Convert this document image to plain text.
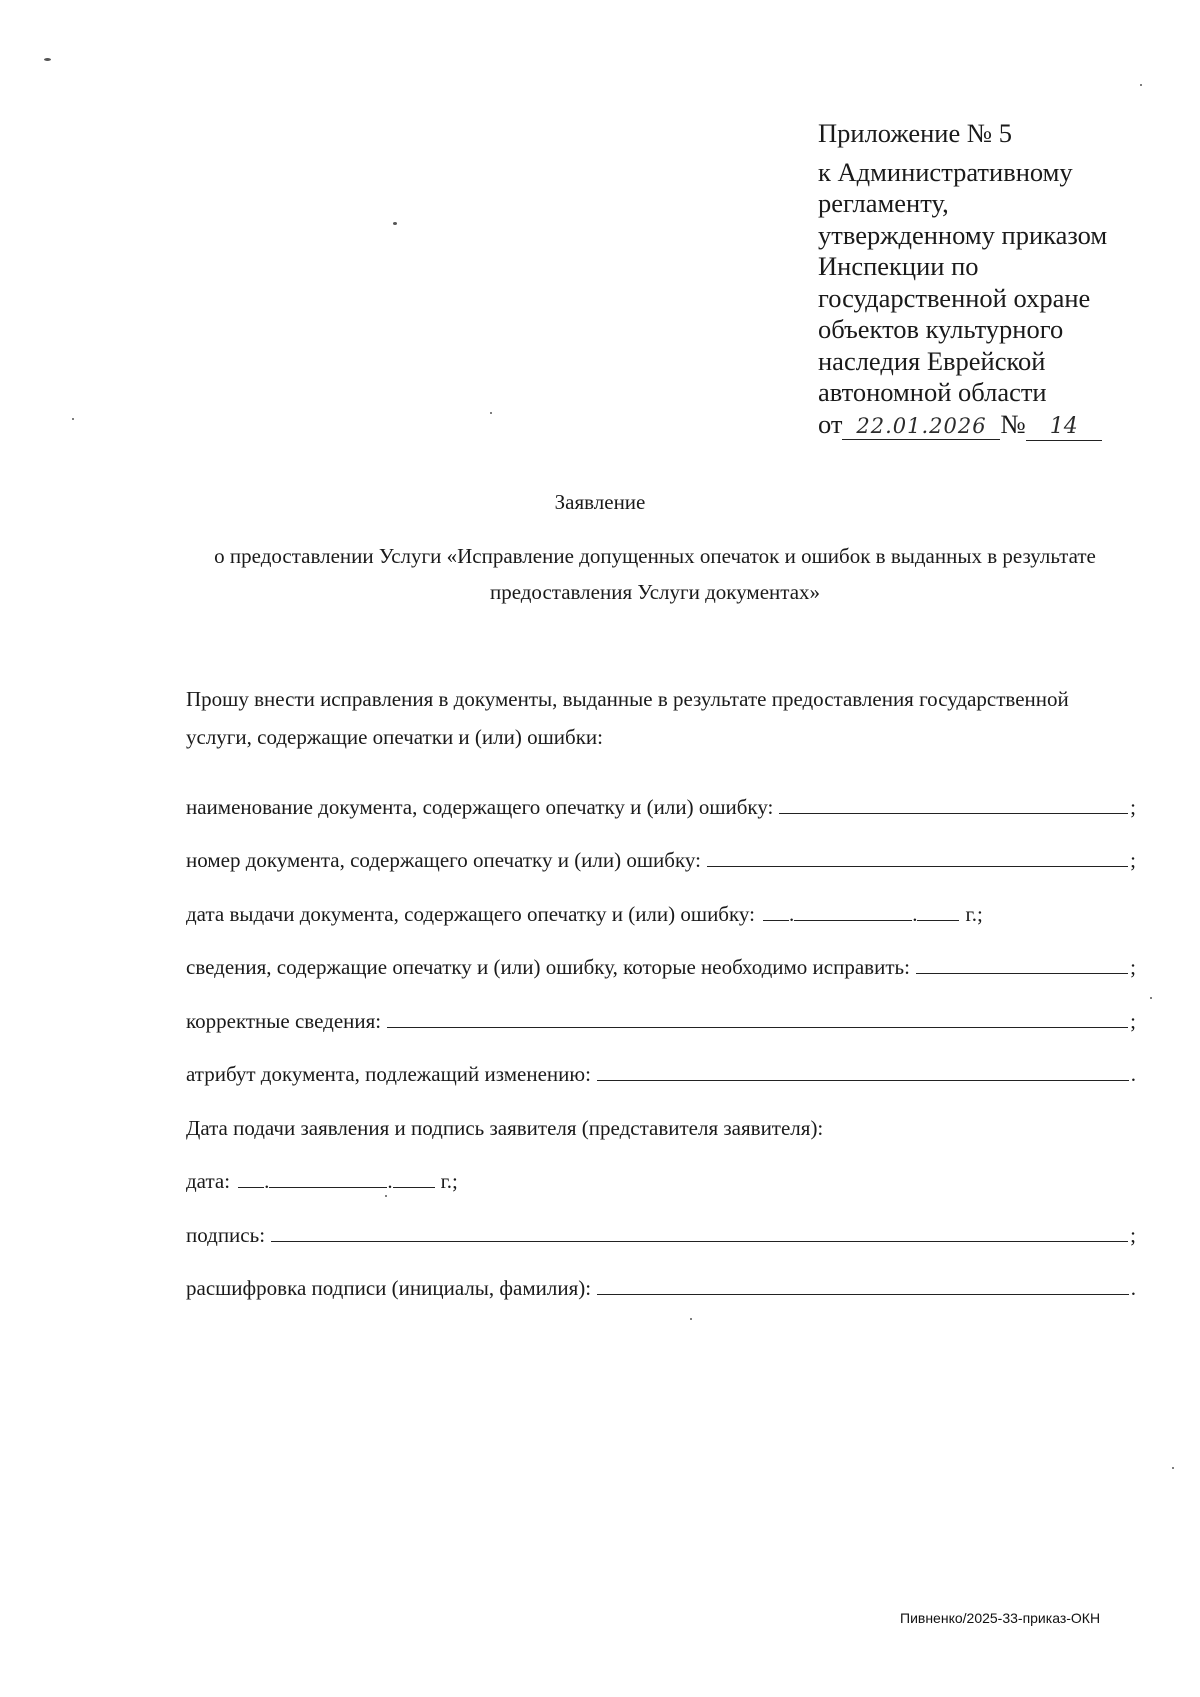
Приложение № 5
к Административному
регламенту,
утвержденному приказом
Инспекции по
государственной охране
объектов культурного
наследия Еврейской
автономной области
от 22.01.2026 № 14
Заявление
о предоставлении Услуги «Исправление допущенных опечаток и ошибок в выданных в результате предоставления Услуги документах»
Прошу внести исправления в документы, выданные в результате предоставления государственной услуги, содержащие опечатки и (или) ошибки:
наименование документа, содержащего опечатку и (или) ошибку:	;
номер документа, содержащего опечатку и (или) ошибку:	;
дата выдачи документа, содержащего опечатку и (или) ошибку: .	. г.;
сведения, содержащие опечатку и (или) ошибку, которые необходимо исправить:	;
корректные сведения:	;
атрибут документа, подлежащий изменению:	.
Дата подачи заявления и подпись заявителя (представителя заявителя):
дата: .	. г.;
подпись:	;
расшифровка подписи (инициалы, фамилия):	.
Пивненко/2025-33-приказ-ОКН
